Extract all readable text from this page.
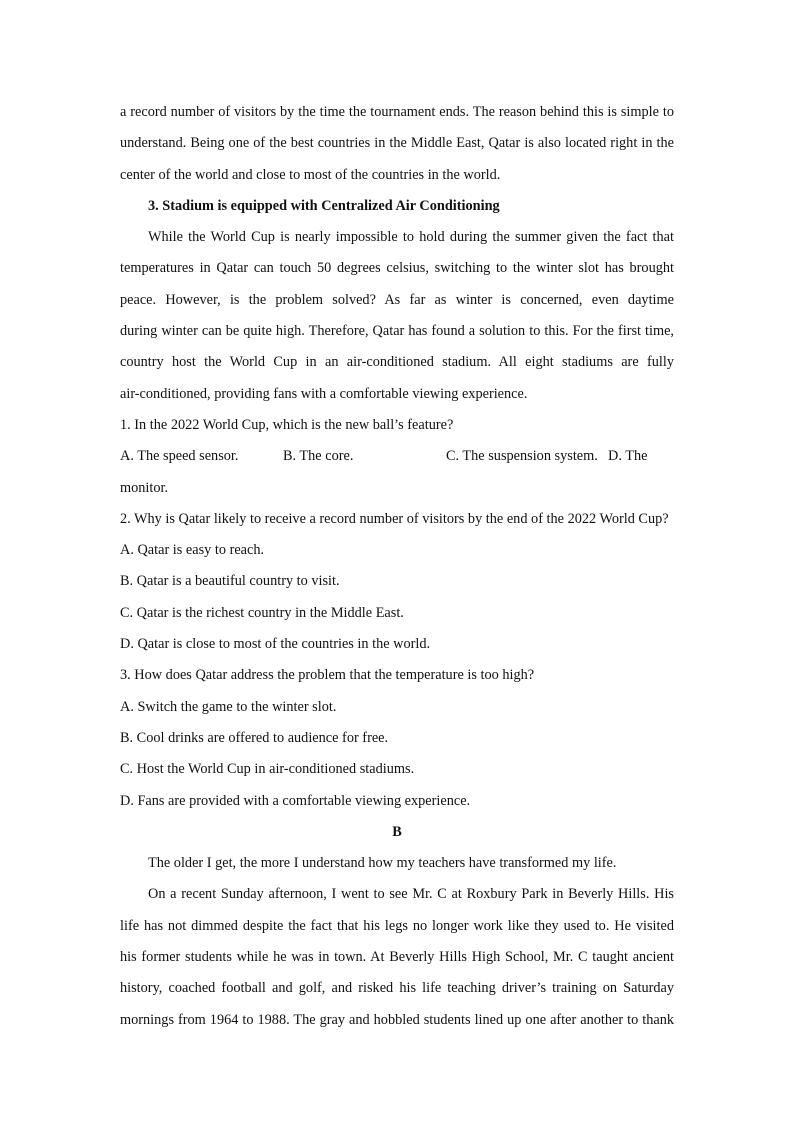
a record number of visitors by the time the tournament ends. The reason behind this is simple to
understand. Being one of the best countries in the Middle East, Qatar is also located right in the
center of the world and close to most of the countries in the world.
3. Stadium is equipped with Centralized Air Conditioning
While the World Cup is nearly impossible to hold during the summer given the fact that
temperatures in Qatar can touch 50 degrees celsius, switching to the winter slot has brought
peace. However, is the problem solved? As far as winter is concerned, even daytime
during winter can be quite high. Therefore, Qatar has found a solution to this. For the first time,
country host the World Cup in an air-conditioned stadium. All eight stadiums are fully
air-conditioned, providing fans with a comfortable viewing experience.
1. In the 2022 World Cup, which is the new ball’s feature?
A. The speed sensor.	B. The core.	C. The suspension system. D. The
monitor.
2. Why is Qatar likely to receive a record number of visitors by the end of the 2022 World Cup?
A. Qatar is easy to reach.
B. Qatar is a beautiful country to visit.
C. Qatar is the richest country in the Middle East.
D. Qatar is close to most of the countries in the world.
3. How does Qatar address the problem that the temperature is too high?
A. Switch the game to the winter slot.
B. Cool drinks are offered to audience for free.
C. Host the World Cup in air-conditioned stadiums.
D. Fans are provided with a comfortable viewing experience.
B
The older I get, the more I understand how my teachers have transformed my life.
On a recent Sunday afternoon, I went to see Mr. C at Roxbury Park in Beverly Hills. His
life has not dimmed despite the fact that his legs no longer work like they used to. He visited
his former students while he was in town. At Beverly Hills High School, Mr. C taught ancient
history, coached football and golf, and risked his life teaching driver’s training on Saturday
mornings from 1964 to 1988. The gray and hobbled students lined up one after another to thank
